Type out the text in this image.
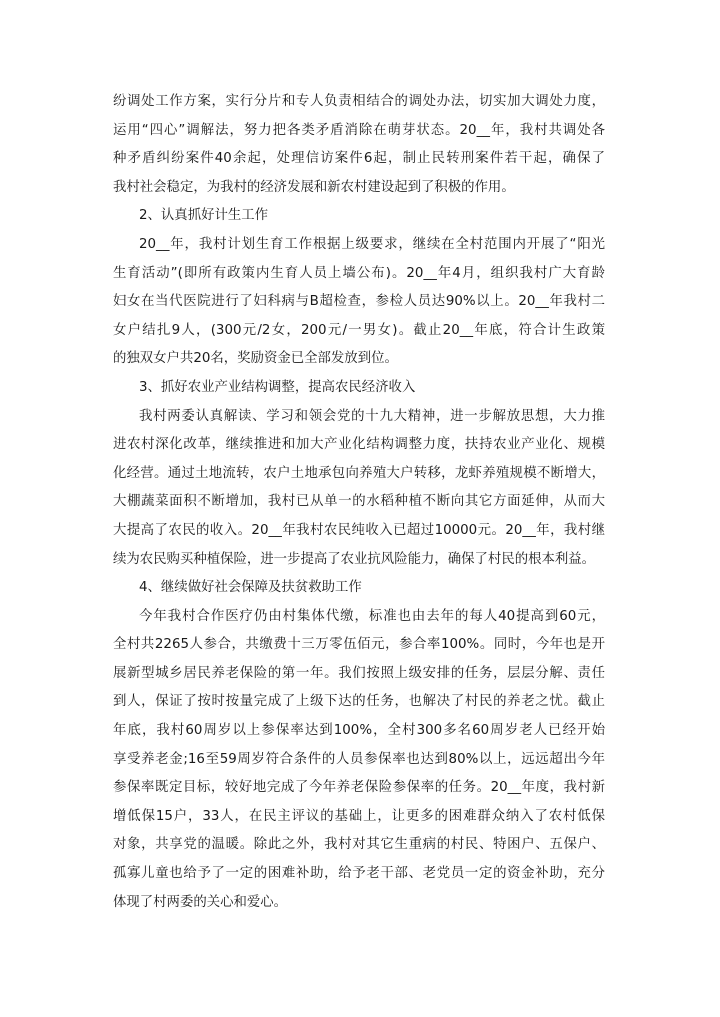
纷调处工作方案，实行分片和专人负责相结合的调处办法，切实加大调处力度，
运用“四心”调解法，努力把各类矛盾消除在萌芽状态。20__年，我村共调处各
种矛盾纠纷案件40余起，处理信访案件6起，制止民转刑案件若干起，确保了
我村社会稳定，为我村的经济发展和新农村建设起到了积极的作用。
2、认真抓好计生工作
20__年，我村计划生育工作根据上级要求，继续在全村范围内开展了“阳光
生育活动”(即所有政策内生育人员上墙公布)。20__年4月，组织我村广大育龄
妇女在当代医院进行了妇科病与B超检查，参检人员达90%以上。20__年我村二
女户结扎9人，(300元/2女，200元/一男女)。截止20__年底，符合计生政策
的独双女户共20名，奖励资金已全部发放到位。
3、抓好农业产业结构调整，提高农民经济收入
我村两委认真解读、学习和领会党的十九大精神，进一步解放思想，大力推
进农村深化改革，继续推进和加大产业化结构调整力度，扶持农业产业化、规模
化经营。通过土地流转，农户土地承包向养殖大户转移，龙虾养殖规模不断增大，
大棚蔬菜面积不断增加，我村已从单一的水稻种植不断向其它方面延伸，从而大
大提高了农民的收入。20__年我村农民纯收入已超过10000元。20__年，我村继
续为农民购买种植保险，进一步提高了农业抗风险能力，确保了村民的根本利益。
4、继续做好社会保障及扶贫救助工作
今年我村合作医疗仍由村集体代缴，标准也由去年的每人40提高到60元，
全村共2265人参合，共缴费十三万零伍佰元，参合率100%。同时，今年也是开
展新型城乡居民养老保险的第一年。我们按照上级安排的任务，层层分解、责任
到人，保证了按时按量完成了上级下达的任务，也解决了村民的养老之忧。截止
年底，我村60周岁以上参保率达到100%，全村300多名60周岁老人已经开始
享受养老金;16至59周岁符合条件的人员参保率也达到80%以上，远远超出今年
参保率既定目标，较好地完成了今年养老保险参保率的任务。20__年度，我村新
增低保15户，33人，在民主评议的基础上，让更多的困难群众纳入了农村低保
对象，共享党的温暖。除此之外，我村对其它生重病的村民、特困户、五保户、
孤寡儿童也给予了一定的困难补助，给予老干部、老党员一定的资金补助，充分
体现了村两委的关心和爱心。
